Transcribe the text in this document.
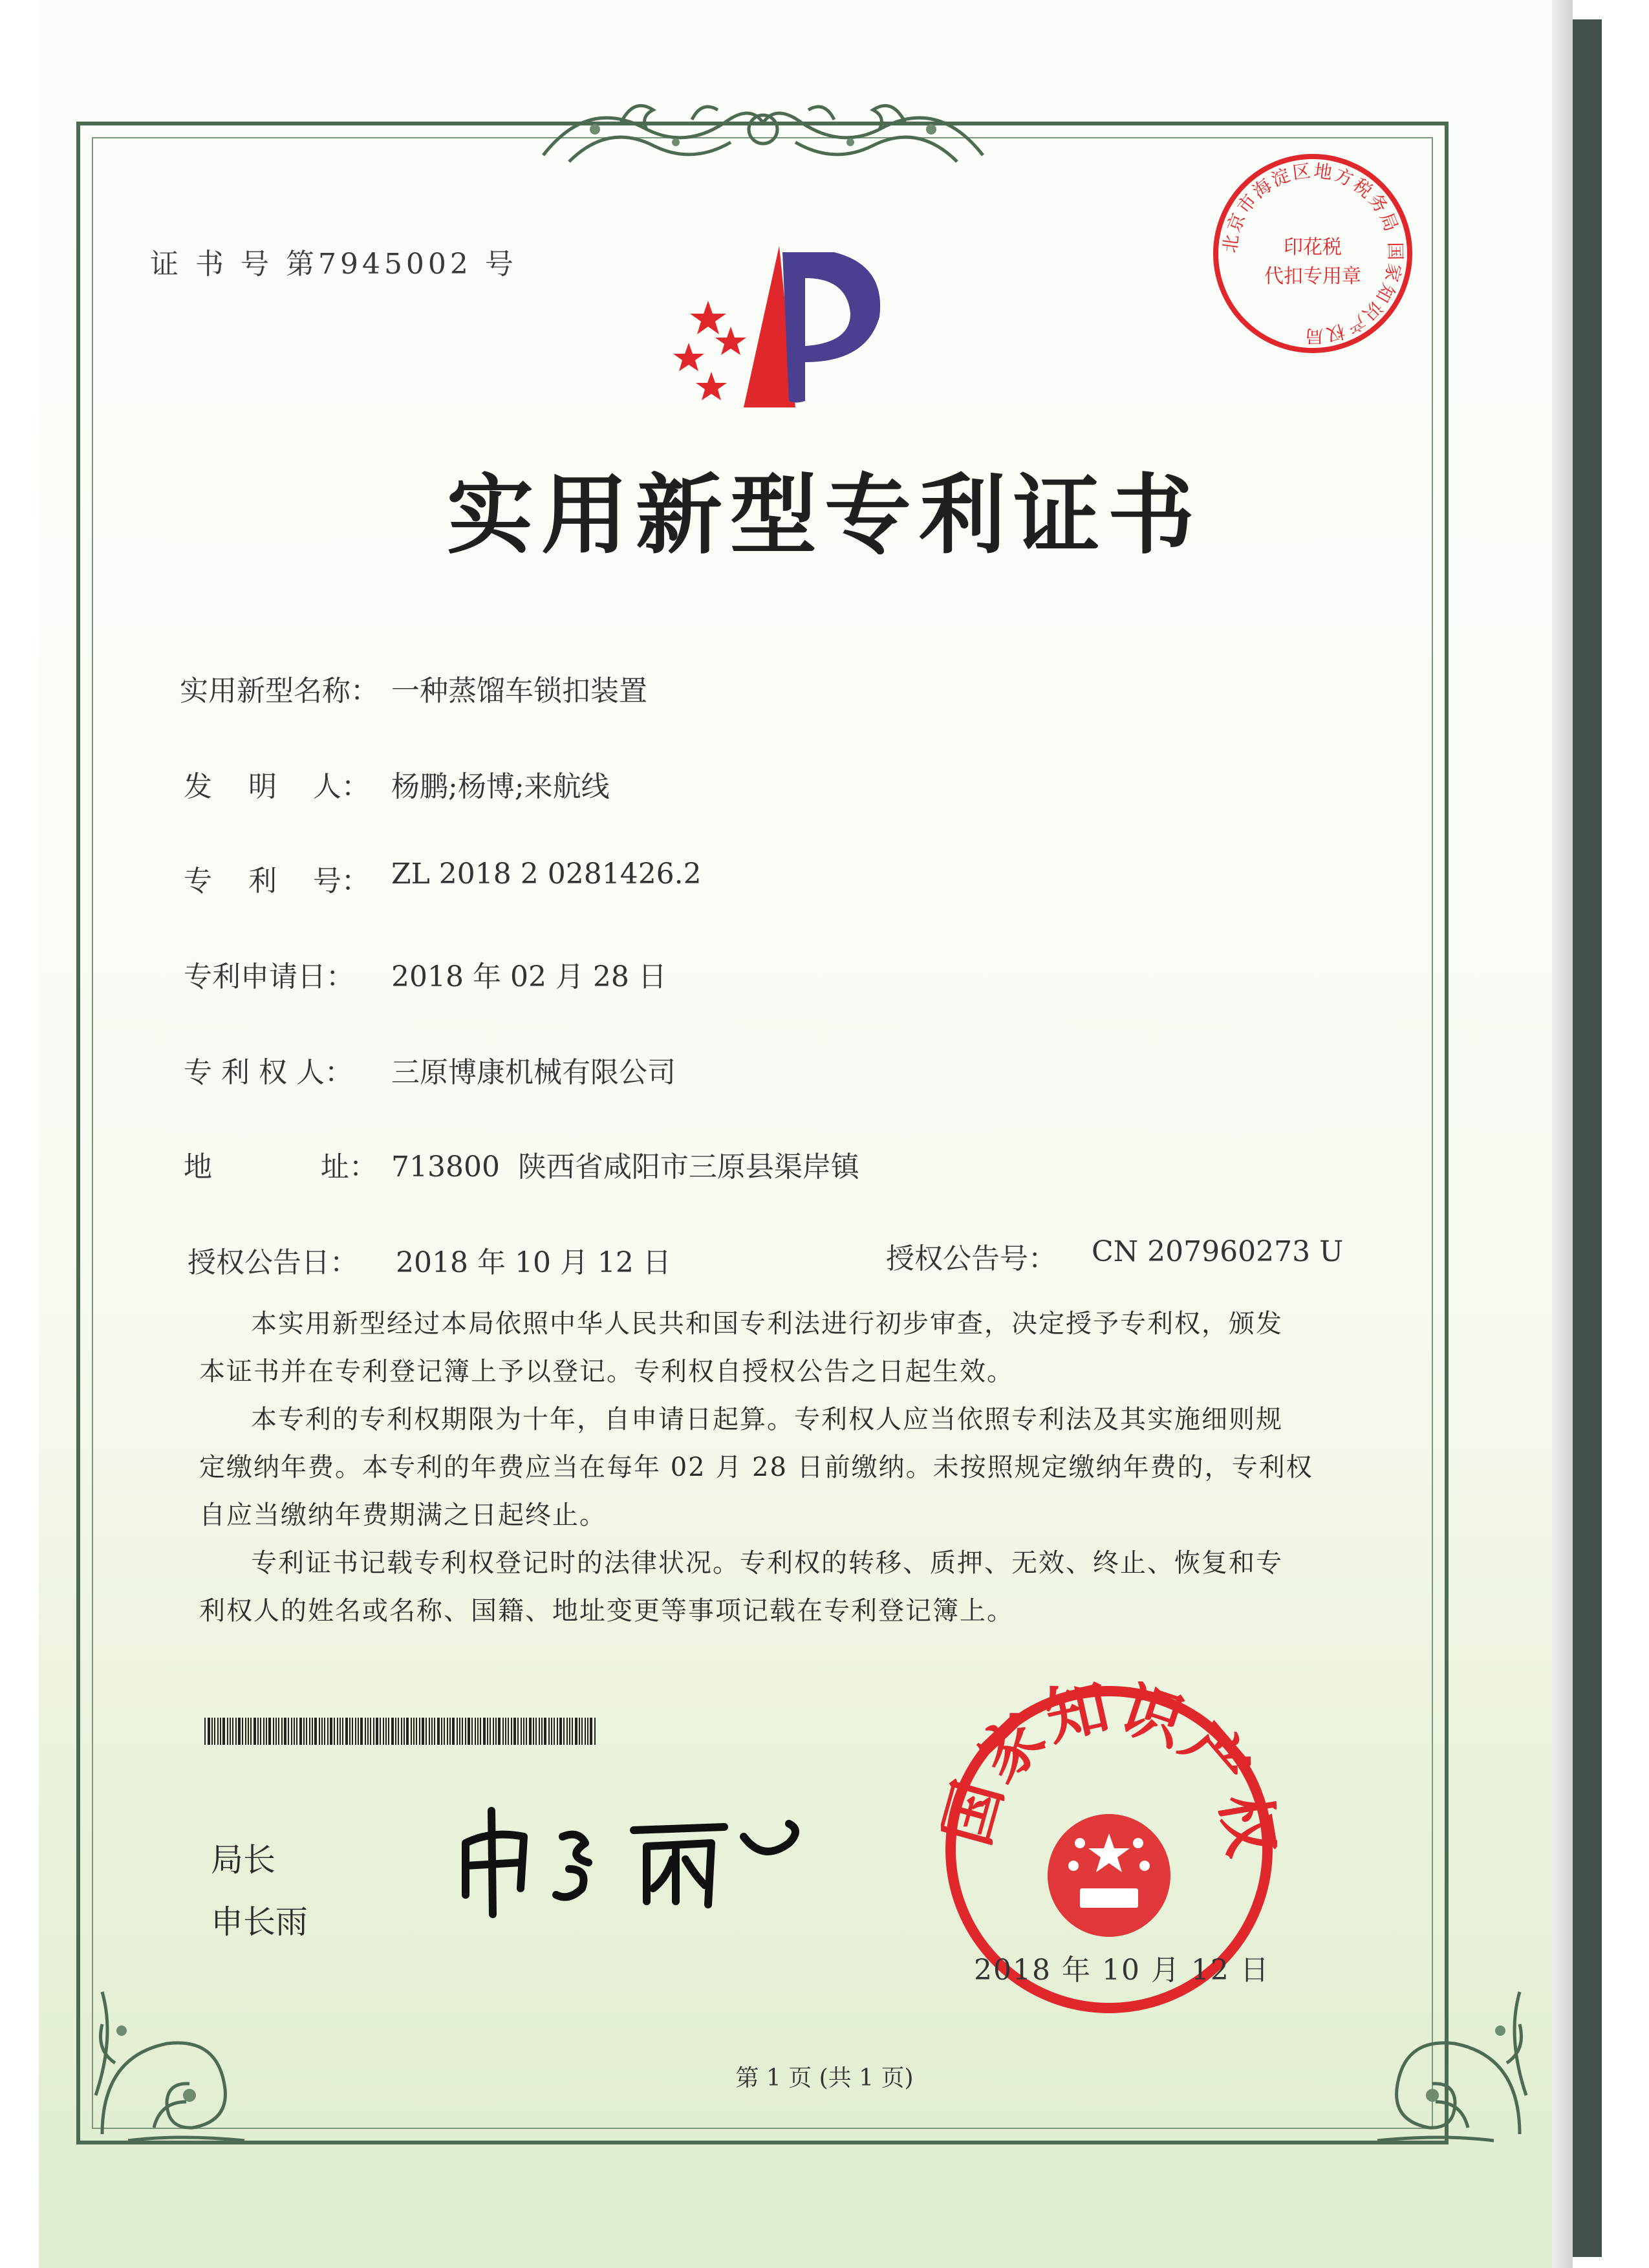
证 书 号 第7945002 号
北京市海淀区地方税务局 国家知识产权局
印花税
代扣专用章
实用新型专利证书
实用新型名称： 一种蒸馏车锁扣装置
发    明    人： 杨鹏;杨博;来航线
专    利    号： ZL 2018 2 0281426.2
专利申请日： 2018 年 02 月 28 日
专 利 权 人： 三原博康机械有限公司
地            址： 713800  陕西省咸阳市三原县渠岸镇
授权公告日： 2018 年 10 月 12 日	授权公告号： CN 207960273 U
本实用新型经过本局依照中华人民共和国专利法进行初步审查，决定授予专利权，颁发
本证书并在专利登记簿上予以登记。专利权自授权公告之日起生效。
本专利的专利权期限为十年，自申请日起算。专利权人应当依照专利法及其实施细则规
定缴纳年费。本专利的年费应当在每年 02 月 28 日前缴纳。未按照规定缴纳年费的，专利权
自应当缴纳年费期满之日起终止。
专利证书记载专利权登记时的法律状况。专利权的转移、质押、无效、终止、恢复和专
利权人的姓名或名称、国籍、地址变更等事项记载在专利登记簿上。
局长
申长雨
家知识产
2018 年 10 月 12 日
第 1 页 (共 1 页)
